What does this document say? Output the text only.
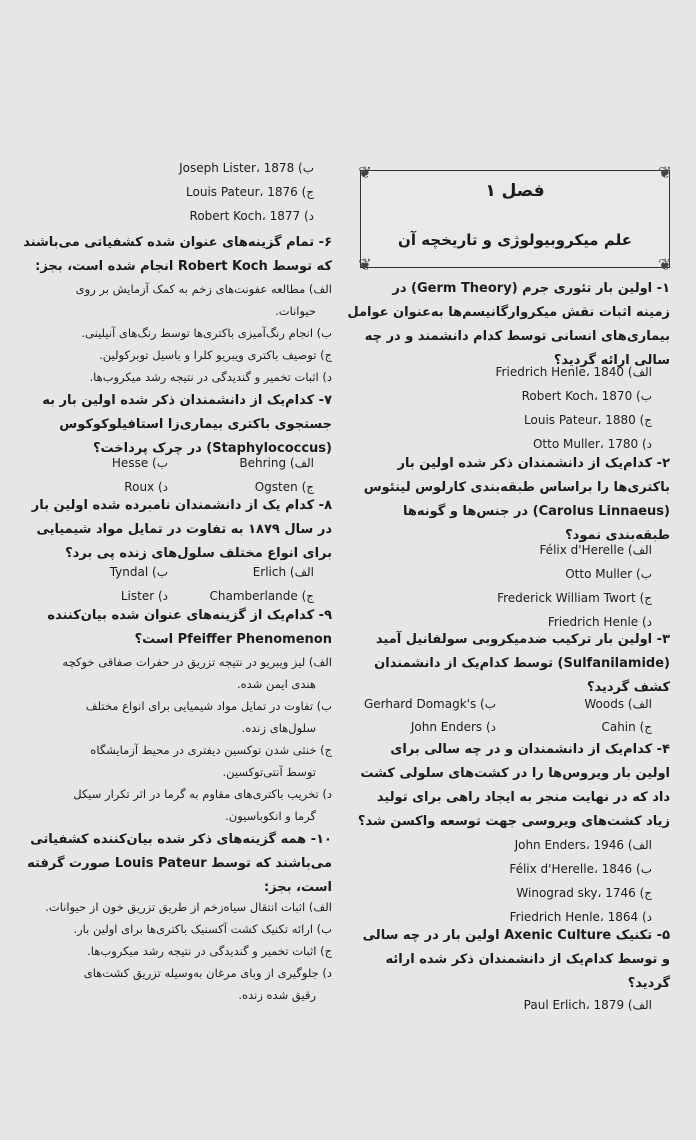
❦	❦
❦	❦
فصل ۱
علم میکروبیولوژی و تاریخچه آن
۱- اولین بار تئوری جرم (Germ Theory) در
زمینه اثبات نقش میکروارگانیسم‌ها به‌عنوان عوامل
بیماری‌های انسانی توسط کدام دانشمند و در چه
سالی ارائه گردید؟
الف) Friedrich Henle، 1840
ب) Robert Koch، 1870
ج) Louis Pateur، 1880
د) Otto Muller، 1780
۲- کدام‌یک از دانشمندان ذکر شده اولین بار
باکتری‌ها را براساس طبقه‌بندی کارلوس لینئوس
(Carolus Linnaeus) در جنس‌ها و گونه‌ها
طبقه‌بندی نمود؟
الف) Félix d'Herelle
ب) Otto Muller
ج) Frederick William Twort
د) Friedrich Henle
۳- اولین بار ترکیب ضدمیکروبی سولفانیل آمید
(Sulfanilamide) توسط کدام‌یک از دانشمندان
کشف گردید؟
الف) Woods
ب) Gerhard Domagk's
ج) Cahin
د) John Enders
۴- کدام‌یک از دانشمندان و در چه سالی برای
اولین بار ویروس‌ها را در کشت‌های سلولی کشت
داد که در نهایت منجر به ایجاد راهی برای تولید
زیاد کشت‌های ویروسی جهت توسعه واکسن شد؟
الف) John Enders، 1946
ب) Félix d'Herelle، 1846
ج) Winograd sky، 1746
د) Friedrich Henle، 1864
۵- تکنیک Axenic Culture اولین بار در چه سالی
و توسط کدام‌یک از دانشمندان ذکر شده ارائه
گردید؟
الف) Paul Erlich، 1879
ب) Joseph Lister، 1878
ج) Louis Pateur، 1876
د) Robert Koch، 1877
۶- تمام گزینه‌های عنوان شده کشفیاتی می‌باشند
که توسط Robert Koch انجام شده است، بجز:
الف) مطالعه عفونت‌های زخم به کمک آزمایش بر روی
حیوانات.
ب) انجام رنگ‌آمیزی باکتری‌ها توسط رنگ‌های آنیلینی.
ج) توصیف باکتری ویبریو کلرا و باسیل توبرکولین.
د) اثبات تخمیر و گندیدگی در نتیجه رشد میکروب‌ها.
۷- کدام‌یک از دانشمندان ذکر شده اولین بار به
جستجوی باکتری بیماری‌زا استافیلوکوکوس
(Staphylococcus) در چرک پرداخت؟
الف) Behring
ب) Hesse
ج) Ogsten
د) Roux
۸- کدام یک از دانشمندان نامبرده شده اولین بار
در سال ۱۸۷۹ به تفاوت در تمایل مواد شیمیایی
برای انواع مختلف سلول‌های زنده پی برد؟
الف) Erlich
ب) Tyndal
ج) Chamberlande
د) Lister
۹- کدام‌یک از گزینه‌های عنوان شده بیان‌کننده
Pfeiffer Phenomenon است؟
الف) لیز ویبریو در نتیجه تزریق در حفرات صفاقی خوکچه
هندی ایمن شده.
ب) تفاوت در تمایل مواد شیمیایی برای انواع مختلف
سلول‌های زنده.
ج) خنثی شدن توکسین دیفتری در محیط آزمایشگاه
توسط آنتی‌توکسین.
د) تخریب باکتری‌های مقاوم به گرما در اثر تکرار سیکل
گرما و انکوباسیون.
۱۰- همه گزینه‌های ذکر شده بیان‌کننده کشفیاتی
می‌باشند که توسط Louis Pateur صورت گرفته
است، بجز:
الف) اثبات انتقال سیاه‌زخم از طریق تزریق خون از حیوانات.
ب) ارائه تکنیک کشت آکسنیک باکتری‌ها برای اولین بار.
ج) اثبات تخمیر و گندیدگی در نتیجه رشد میکروب‌ها.
د) جلوگیری از وبای مرغان به‌وسیله تزریق کشت‌های
رقیق شده زنده.
